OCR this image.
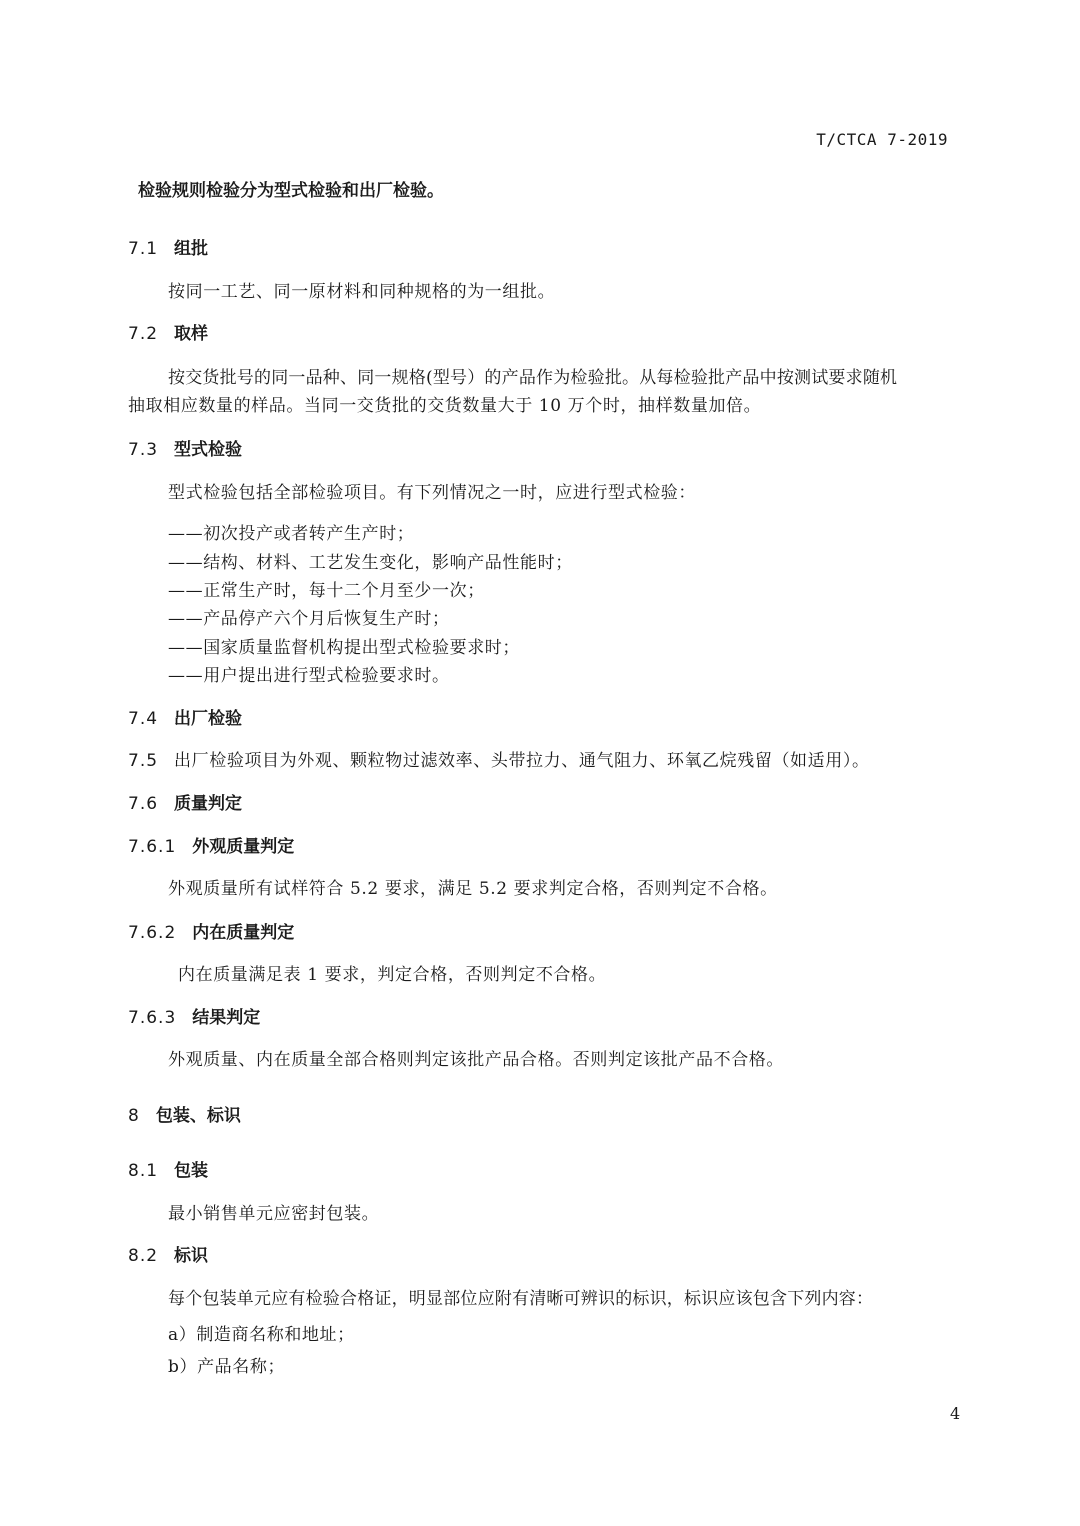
T/CTCA 7-2019
检验规则检验分为型式检验和出厂检验。
7.1 组批
按同一工艺、同一原材料和同种规格的为一组批。
7.2 取样
按交货批号的同一品种、同一规格(型号）的产品作为检验批。从每检验批产品中按测试要求随机
抽取相应数量的样品。当同一交货批的交货数量大于 10 万个时，抽样数量加倍。
7.3 型式检验
型式检验包括全部检验项目。有下列情况之一时，应进行型式检验：
——初次投产或者转产生产时；
——结构、材料、工艺发生变化，影响产品性能时；
——正常生产时，每十二个月至少一次；
——产品停产六个月后恢复生产时；
——国家质量监督机构提出型式检验要求时；
——用户提出进行型式检验要求时。
7.4 出厂检验
7.5 出厂检验项目为外观、颗粒物过滤效率、头带拉力、通气阻力、环氧乙烷残留（如适用）。
7.6 质量判定
7.6.1 外观质量判定
外观质量所有试样符合 5.2 要求，满足 5.2 要求判定合格，否则判定不合格。
7.6.2 内在质量判定
内在质量满足表 1 要求，判定合格，否则判定不合格。
7.6.3 结果判定
外观质量、内在质量全部合格则判定该批产品合格。否则判定该批产品不合格。
8 包装、标识
8.1 包装
最小销售单元应密封包装。
8.2 标识
每个包装单元应有检验合格证，明显部位应附有清晰可辨识的标识，标识应该包含下列内容：
a）制造商名称和地址；
b）产品名称；
4
